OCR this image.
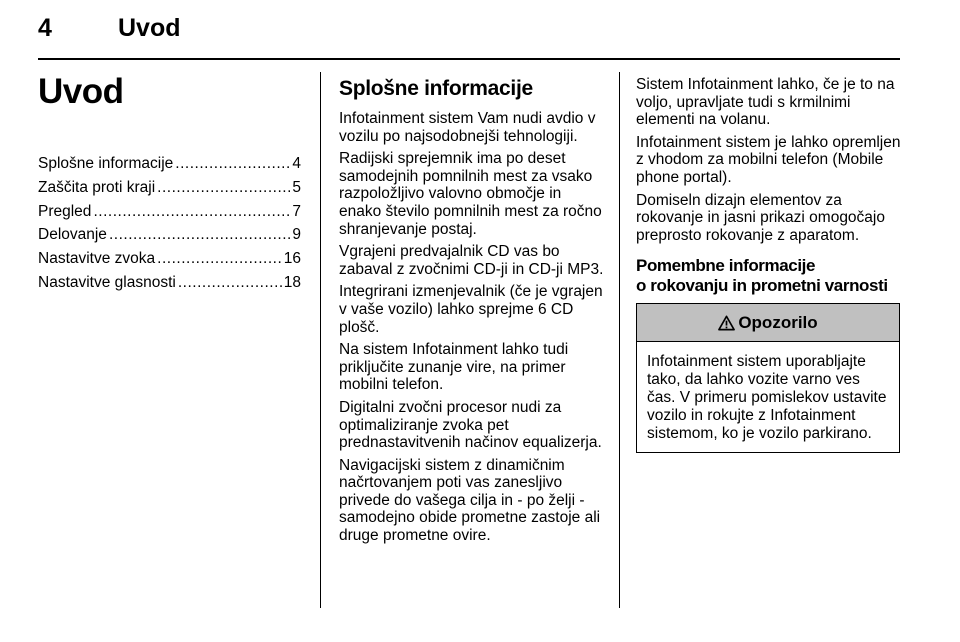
4	Uvod
Uvod
Splošne informacije . . .	4
Zaščita proti kraji . . .	5
Pregled . . .	7
Delovanje . . .	9
Nastavitve zvoka . . .	16
Nastavitve glasnosti . . .	18
Splošne informacije

Infotainment sistem Vam nudi avdio v vozilu po najsodobnejši tehnologiji.

Radijski sprejemnik ima po deset samodejnih pomnilnih mest za vsako razpoložljivo valovno območje in enako število pomnilnih mest za ročno shranjevanje postaj.

Vgrajeni predvajalnik CD vas bo zabaval z zvočnimi CD-ji in CD-ji MP3.

Integrirani izmenjevalnik (če je vgrajen v vaše vozilo) lahko sprejme 6 CD plošč.

Na sistem Infotainment lahko tudi priključite zunanje vire, na primer mobilni telefon.

Digitalni zvočni procesor nudi za optimaliziranje zvoka pet prednastavitvenih načinov equalizerja.

Navigacijski sistem z dinamičnim načrtovanjem poti vas zanesljivo privede do vašega cilja in - po želji - samodejno obide prometne zastoje ali druge prometne ovire.

Sistem Infotainment lahko, če je to na voljo, upravljate tudi s krmilnimi elementi na volanu.

Infotainment sistem je lahko opremljen z vhodom za mobilni telefon (Mobile phone portal).

Domiseln dizajn elementov za rokovanje in jasni prikazi omogočajo preprosto rokovanje z aparatom.

Pomembne informacije
o rokovanju in prometni varnosti
Opozorilo
Infotainment sistem uporabljajte tako, da lahko vozite varno ves čas. V primeru pomislekov ustavite vozilo in rokujte z Infotainment sistemom, ko je vozilo parkirano.
